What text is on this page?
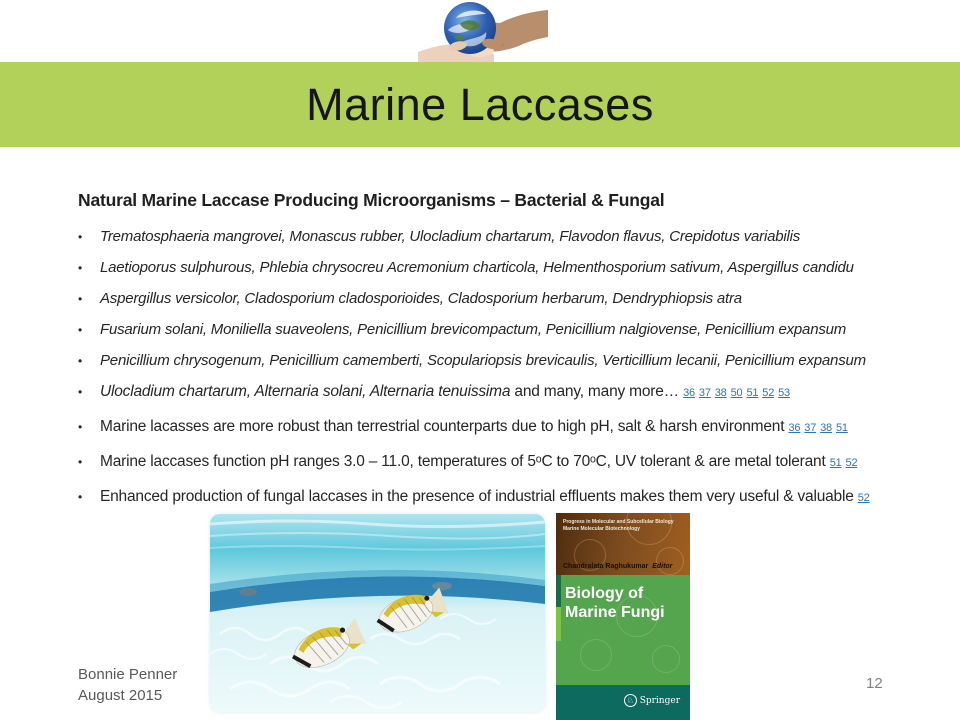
Marine Laccases
Natural Marine Laccase Producing Microorganisms – Bacterial & Fungal
•	Trematosphaeria mangrovei, Monascus rubber, Ulocladium chartarum, Flavodon flavus, Crepidotus variabilis
•	Laetioporus sulphurous, Phlebia chrysocreu Acremonium charticola, Helmenthosporium sativum, Aspergillus candidu
•	Aspergillus versicolor, Cladosporium cladosporioides, Cladosporium herbarum, Dendryphiopsis atra
•	Fusarium solani, Moniliella suaveolens, Penicillium brevicompactum, Penicillium nalgiovense, Penicillium expansum
•	Penicillium chrysogenum, Penicillium camemberti, Scopulariopsis brevicaulis, Verticillium lecanii, Penicillium expansum
•	Ulocladium chartarum, Alternaria solani, Alternaria tenuissima and many, many more… 36 37 38 50 51 52 53
•	Marine lacasses are more robust than terrestrial counterparts due to high pH, salt & harsh environment 36 37 38 51
•	Marine laccases function pH ranges 3.0 – 11.0, temperatures of 5ᵒC to 70ᵒC, UV tolerant & are metal tolerant 51 52
•	Enhanced production of fungal laccases in the presence of industrial effluents makes them very useful & valuable 52
Progress in Molecular and Subcellular Biology
Marine Molecular Biotechnology
Chandralata Raghukumar Editor
Biology of
Marine Fungi
♘ Springer
Bonnie Penner
August 2015
12
